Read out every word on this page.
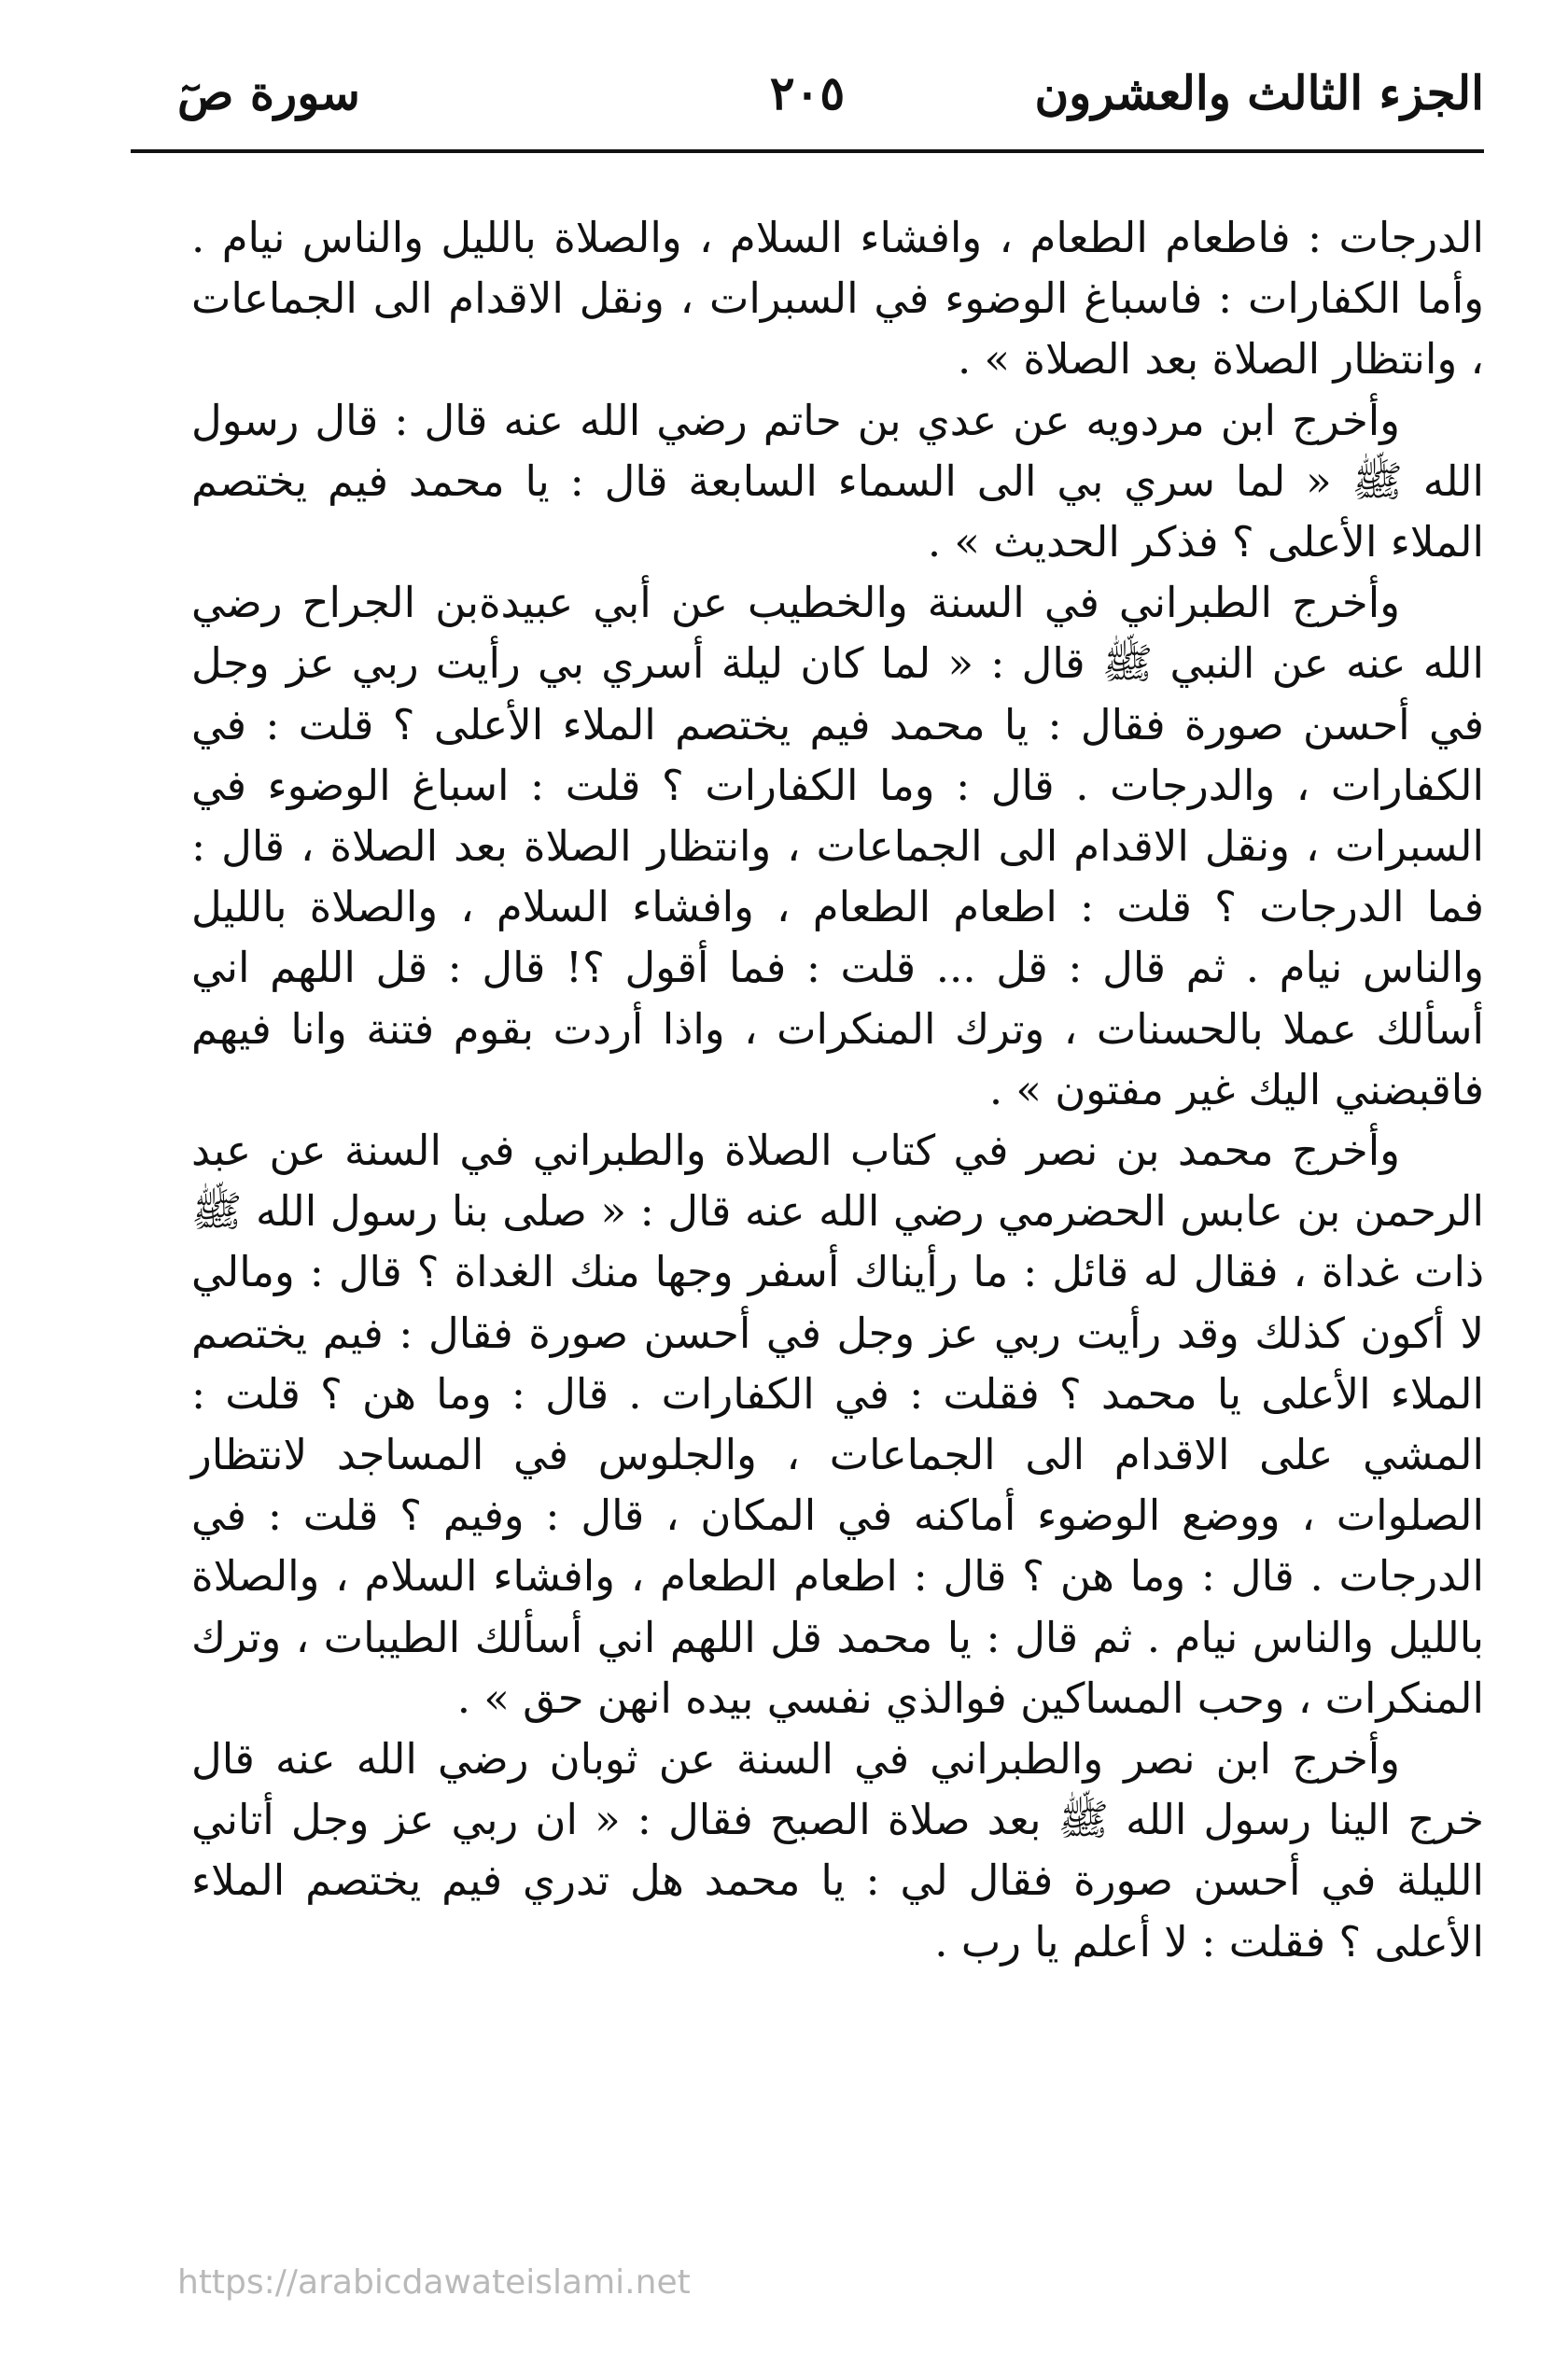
الجزء الثالث والعشرون
٢٠٥
سورة صٓ

الدرجات : فاطعام الطعام ، وافشاء السلام ، والصلاة بالليل والناس نيام . وأما الكفارات : فاسباغ الوضوء في السبرات ، ونقل الاقدام الى الجماعات ، وانتظار الصلاة بعد الصلاة » .

وأخرج ابن مردويه عن عدي بن حاتم رضي الله عنه قال : قال رسول الله ﷺ « لما سري بي الى السماء السابعة قال : يا محمد فيم يختصم الملاء الأعلى ؟ فذكر الحديث » .

وأخرج الطبراني في السنة والخطيب عن أبي عبيدةبن الجراح رضي الله عنه عن النبي ﷺ قال : « لما كان ليلة أسري بي رأيت ربي عز وجل في أحسن صورة فقال : يا محمد فيم يختصم الملاء الأعلى ؟ قلت : في الكفارات ، والدرجات . قال : وما الكفارات ؟ قلت : اسباغ الوضوء في السبرات ، ونقل الاقدام الى الجماعات ، وانتظار الصلاة بعد الصلاة ، قال : فما الدرجات ؟ قلت : اطعام الطعام ، وافشاء السلام ، والصلاة بالليل والناس نيام . ثم قال : قل ... قلت : فما أقول ؟! قال : قل اللهم اني أسألك عملا بالحسنات ، وترك المنكرات ، واذا أردت بقوم فتنة وانا فيهم فاقبضني اليك غير مفتون » .

وأخرج محمد بن نصر في كتاب الصلاة والطبراني في السنة عن عبد الرحمن بن عابس الحضرمي رضي الله عنه قال : « صلى بنا رسول الله ﷺ ذات غداة ، فقال له قائل : ما رأيناك أسفر وجها منك الغداة ؟ قال : ومالي لا أكون كذلك وقد رأيت ربي عز وجل في أحسن صورة فقال : فيم يختصم الملاء الأعلى يا محمد ؟ فقلت : في الكفارات . قال : وما هن ؟ قلت : المشي على الاقدام الى الجماعات ، والجلوس في المساجد لانتظار الصلوات ، ووضع الوضوء أماكنه في المكان ، قال : وفيم ؟ قلت : في الدرجات . قال : وما هن ؟ قال : اطعام الطعام ، وافشاء السلام ، والصلاة بالليل والناس نيام . ثم قال : يا محمد قل اللهم اني أسألك الطيبات ، وترك المنكرات ، وحب المساكين فوالذي نفسي بيده انهن حق » .

وأخرج ابن نصر والطبراني في السنة عن ثوبان رضي الله عنه قال خرج الينا رسول الله ﷺ بعد صلاة الصبح فقال : « ان ربي عز وجل أتاني الليلة في أحسن صورة فقال لي : يا محمد هل تدري فيم يختصم الملاء الأعلى ؟ فقلت : لا أعلم يا رب .

https://arabicdawateislami.net
